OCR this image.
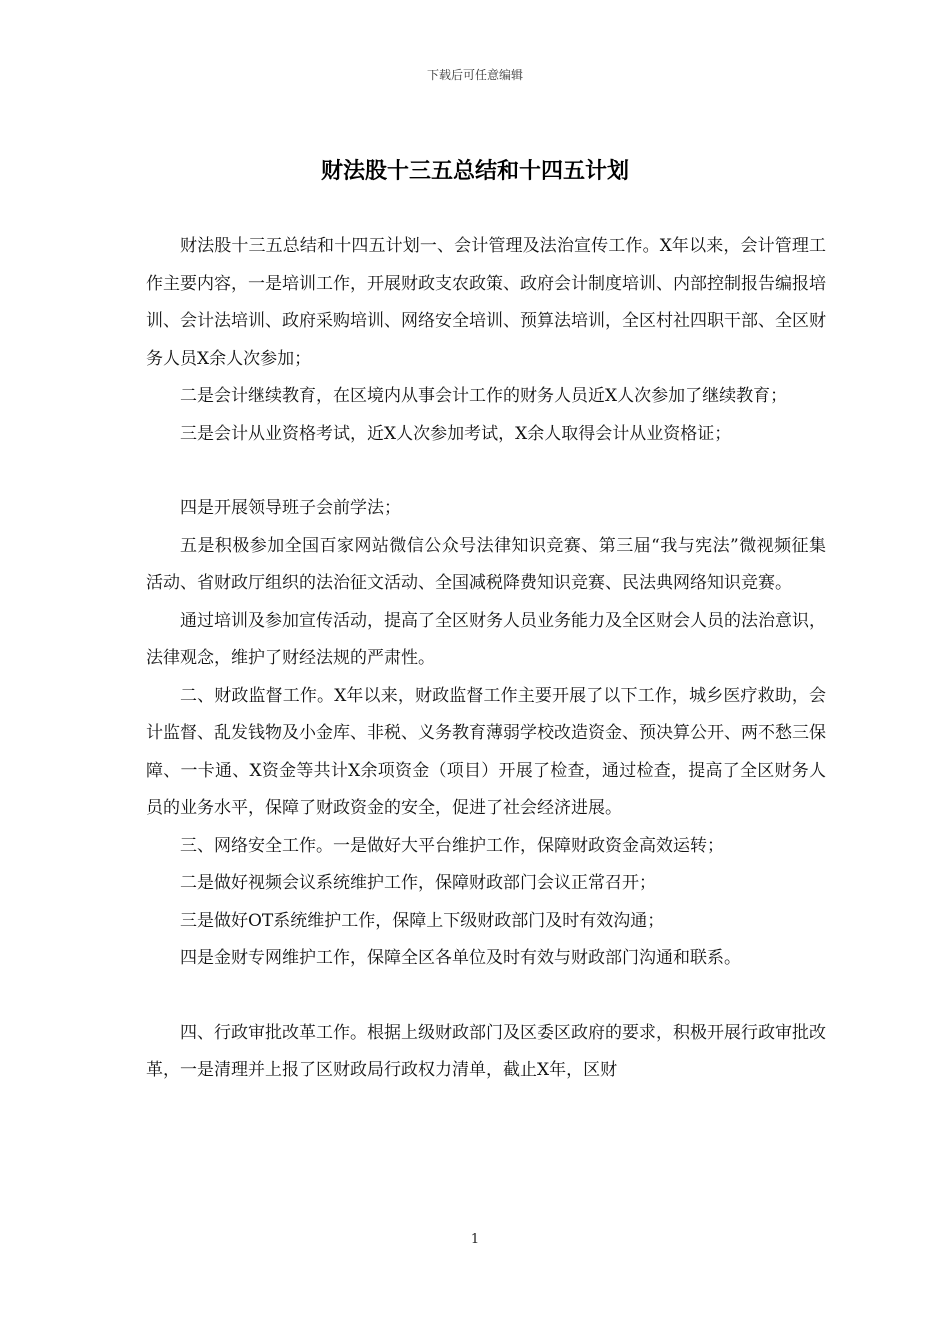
下载后可任意编辑
财法股十三五总结和十四五计划

财法股十三五总结和十四五计划一、会计管理及法治宣传工作。X年以来，会计管理工作主要内容，一是培训工作，开展财政支农政策、政府会计制度培训、内部控制报告编报培训、会计法培训、政府采购培训、网络安全培训、预算法培训，全区村社四职干部、全区财务人员X余人次参加；

二是会计继续教育，在区境内从事会计工作的财务人员近X人次参加了继续教育；

三是会计从业资格考试，近X人次参加考试，X余人取得会计从业资格证；

四是开展领导班子会前学法；

五是积极参加全国百家网站微信公众号法律知识竞赛、第三届“我与宪法”微视频征集活动、省财政厅组织的法治征文活动、全国减税降费知识竞赛、民法典网络知识竞赛。

通过培训及参加宣传活动，提高了全区财务人员业务能力及全区财会人员的法治意识，法律观念，维护了财经法规的严肃性。

二、财政监督工作。X年以来，财政监督工作主要开展了以下工作，城乡医疗救助，会计监督、乱发钱物及小金库、非税、义务教育薄弱学校改造资金、预决算公开、两不愁三保障、一卡通、X资金等共计X余项资金（项目）开展了检查，通过检查，提高了全区财务人员的业务水平，保障了财政资金的安全，促进了社会经济进展。

三、网络安全工作。一是做好大平台维护工作，保障财政资金高效运转；

二是做好视频会议系统维护工作，保障财政部门会议正常召开；

三是做好OT系统维护工作，保障上下级财政部门及时有效沟通；

四是金财专网维护工作，保障全区各单位及时有效与财政部门沟通和联系。

四、行政审批改革工作。根据上级财政部门及区委区政府的要求，积极开展行政审批改革，一是清理并上报了区财政局行政权力清单，截止X年，区财

1
